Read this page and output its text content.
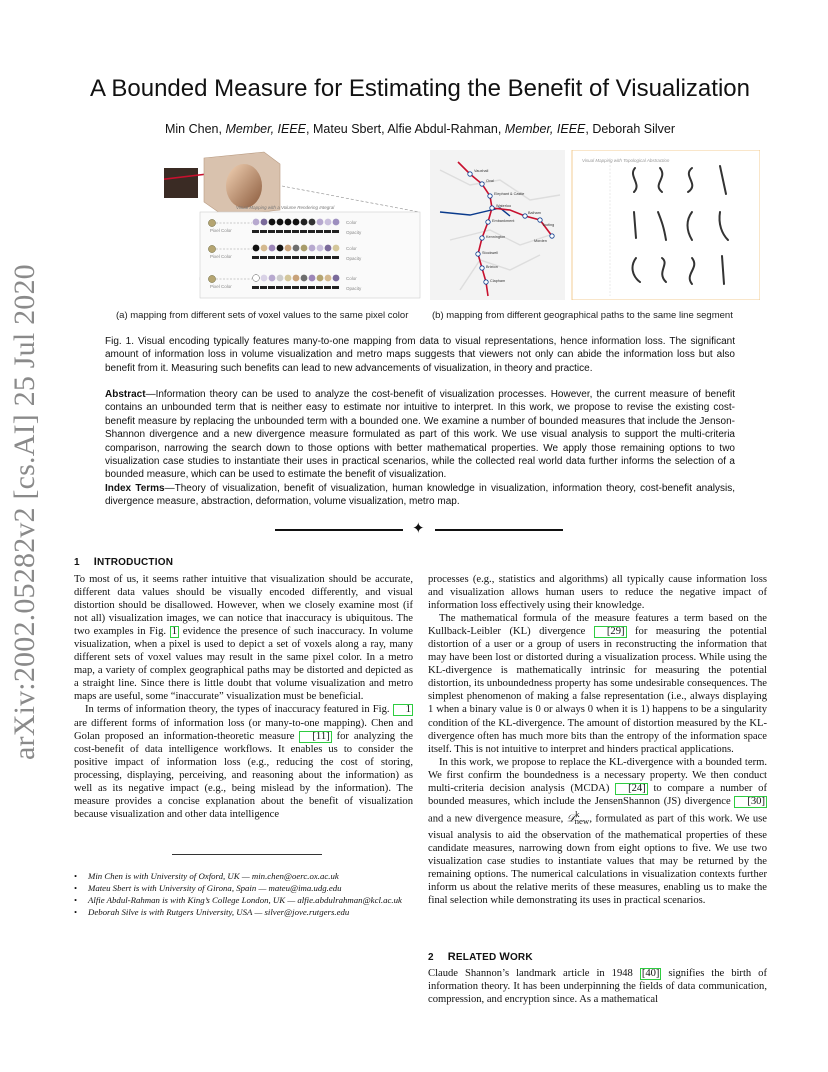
arXiv:2002.05282v2 [cs.AI] 25 Jul 2020
A Bounded Measure for Estimating the Benefit of Visualization
Min Chen, Member, IEEE, Mateu Sbert, Alfie Abdul-Rahman, Member, IEEE, Deborah Silver
Visual Mapping with a Volume Rendering Integral
Pixel Color
Color
Opacity
Pixel Color
Color
Opacity
Pixel Color
Color
Opacity
Vauxhall
Oval
Elephant & Castle
Waterloo
Embankment
Kennington
Stockwell
Brixton
Clapham
Balham
Tooting
Morden
Visual Mapping with Topological Abstraction
(a) mapping from different sets of voxel values to the same pixel color (b) mapping from different geographical paths to the same line segment
Fig. 1. Visual encoding typically features many-to-one mapping from data to visual representations, hence information loss. The significant amount of information loss in volume visualization and metro maps suggests that viewers not only can abide the information loss but also benefit from it. Measuring such benefits can lead to new advancements of visualization, in theory and practice.
Abstract—Information theory can be used to analyze the cost-benefit of visualization processes. However, the current measure of benefit contains an unbounded term that is neither easy to estimate nor intuitive to interpret. In this work, we propose to revise the existing cost-benefit measure by replacing the unbounded term with a bounded one. We examine a number of bounded measures that include the Jenson-Shannon divergence and a new divergence measure formulated as part of this work. We use visual analysis to support the multi-criteria comparison, narrowing the search down to those options with better mathematical properties. We apply those remaining options to two visualization case studies to instantiate their uses in practical scenarios, while the collected real world data further informs the selection of a bounded measure, which can be used to estimate the benefit of visualization.
Index Terms—Theory of visualization, benefit of visualization, human knowledge in visualization, information theory, cost-benefit analysis, divergence measure, abstraction, deformation, volume visualization, metro map.
✦
1 INTRODUCTION

To most of us, it seems rather intuitive that visualization should be accurate, different data values should be visually encoded differently, and visual distortion should be disallowed. However, when we closely examine most (if not all) visualization images, we can notice that inaccuracy is ubiquitous. The two examples in Fig. 1 evidence the presence of such inaccuracy. In volume visualization, when a pixel is used to depict a set of voxels along a ray, many different sets of voxel values may result in the same pixel color. In a metro map, a variety of complex geographical paths may be distorted and depicted as a straight line. Since there is little doubt that volume visualization and metro maps are useful, some “inaccurate” visualization must be beneficial.

In terms of information theory, the types of inaccuracy featured in Fig. 1 are different forms of information loss (or many-to-one mapping). Chen and Golan proposed an information-theoretic measure [11] for analyzing the cost-benefit of data intelligence workflows. It enables us to consider the positive impact of information loss (e.g., reducing the cost of storing, processing, displaying, perceiving, and reasoning about the information) as well as its negative impact (e.g., being mislead by the information). The measure provides a concise explanation about the benefit of visualization because visualization and other data intelligence

• Min Chen is with University of Oxford, UK — min.chen@oerc.ox.ac.uk
• Mateu Sbert is with University of Girona, Spain — mateu@ima.udg.edu
• Alfie Abdul-Rahman is with King’s College London, UK — alfie.abdulrahman@kcl.ac.uk
• Deborah Silve is with Rutgers University, USA — silver@jove.rutgers.edu

processes (e.g., statistics and algorithms) all typically cause information loss and visualization allows human users to reduce the negative impact of information loss effectively using their knowledge.

The mathematical formula of the measure features a term based on the Kullback-Leibler (KL) divergence [29] for measuring the potential distortion of a user or a group of users in reconstructing the information that may have been lost or distorted during a visualization process. While using the KL-divergence is mathematically intrinsic for measuring the potential distortion, its unboundedness property has some undesirable consequences. The simplest phenomenon of making a false representation (i.e., always displaying 1 when a binary value is 0 or always 0 when it is 1) happens to be a singularity condition of the KL-divergence. The amount of distortion measured by the KL-divergence often has much more bits than the entropy of the information space itself. This is not intuitive to interpret and hinders practical applications.

In this work, we propose to replace the KL-divergence with a bounded term. We first confirm the boundedness is a necessary property. We then conduct multi-criteria decision analysis (MCDA) [24] to compare a number of bounded measures, which include the JensenShannon (JS) divergence [30] and a new divergence measure, 𝒟$^k_{new}$, formulated as part of this work. We use visual analysis to aid the observation of the mathematical properties of these candidate measures, narrowing down from eight options to five. We use two visualization case studies to instantiate values that may be returned by the remaining options. The numerical calculations in visualization contexts further inform us about the relative merits of these measures, enabling us to make the final selection while demonstrating its uses in practical scenarios.

2 RELATED WORK

Claude Shannon’s landmark article in 1948 [40] signifies the birth of information theory. It has been underpinning the fields of data communication, compression, and encryption since. As a mathematical
